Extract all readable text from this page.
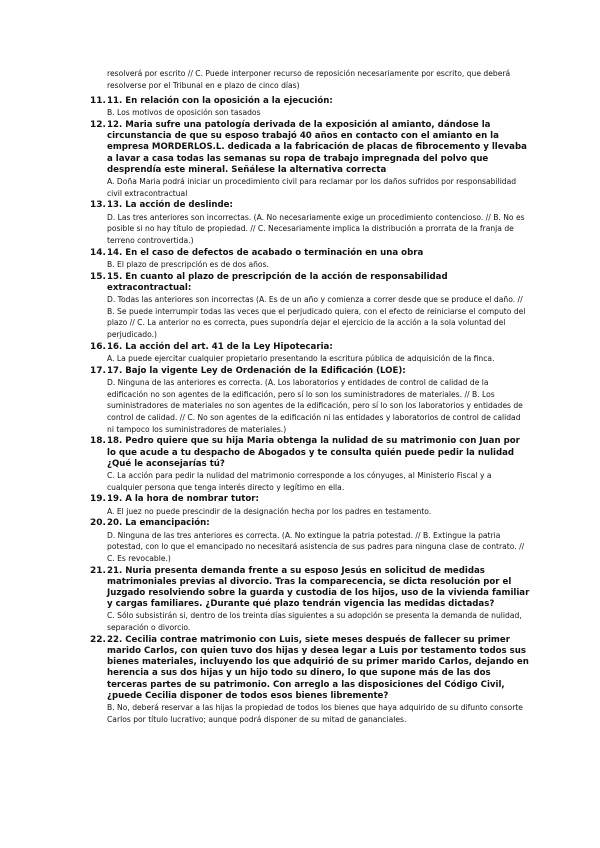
resolverá por escrito // C. Puede interponer recurso de reposición necesariamente por escrito, que deberá resolverse por el Tribunal en e plazo de cinco días)
11. 11. En relación con la oposición a la ejecución:
B. Los motivos de oposición son tasados
12. 12. Maria sufre una patología derivada de la exposición al amianto, dándose la circunstancia de que su esposo trabajó 40 años en contacto con el amianto en la empresa MORDERLOS.L. dedicada a la fabricación de placas de fibrocemento y llevaba a lavar a casa todas las semanas su ropa de trabajo impregnada del polvo que desprendía este mineral. Señálese la alternativa correcta
A. Doña Maria podrá iniciar un procedimiento civil para reclamar por los daños sufridos por responsabilidad civil extracontractual
13. 13. La acción de deslinde:
D. Las tres anteriores son incorrectas. (A. No necesariamente exige un procedimiento contencioso. // B. No es posible si no hay título de propiedad. // C. Necesariamente implica la distribución a prorrata de la franja de terreno controvertida.)
14. 14. En el caso de defectos de acabado o terminación en una obra
B. El plazo de prescripción es de dos años.
15. 15. En cuanto al plazo de prescripción de la acción de responsabilidad extracontractual:
D. Todas las anteriores son incorrectas (A. Es de un año y comienza a correr desde que se produce el daño. // B. Se puede interrumpir todas las veces que el perjudicado quiera, con el efecto de reiniciarse el computo del plazo // C. La anterior no es correcta, pues supondría dejar el ejercicio de la acción a la sola voluntad del perjudicado.)
16. 16. La acción del art. 41 de la Ley Hipotecaria:
A. La puede ejercitar cualquier propietario presentando la escritura pública de adquisición de la finca.
17. 17. Bajo la vigente Ley de Ordenación de la Edificación (LOE):
D. Ninguna de las anteriores es correcta. (A. Los laboratorios y entidades de control de calidad de la edificación no son agentes de la edificación, pero sí lo son los suministradores de materiales. // B. Los suministradores de materiales no son agentes de la edificación, pero sí lo son los laboratorios y entidades de control de calidad. // C. No son agentes de la edificación ni las entidades y laboratorios de control de calidad ni tampoco los suministradores de materiales.)
18. 18. Pedro quiere que su hija Maria obtenga la nulidad de su matrimonio con Juan por lo que acude a tu despacho de Abogados y te consulta quién puede pedir la nulidad ¿Qué le aconsejarías tú?
C. La acción para pedir la nulidad del matrimonio corresponde a los cónyuges, al Ministerio Fiscal y a cualquier persona que tenga interés directo y legítimo en ella.
19. 19. A la hora de nombrar tutor:
A. El juez no puede prescindir de la designación hecha por los padres en testamento.
20. 20. La emancipación:
D. Ninguna de las tres anteriores es correcta. (A. No extingue la patria potestad. // B. Extingue la patria potestad, con lo que el emancipado no necesitará asistencia de sus padres para ninguna clase de contrato. // C. Es revocable.)
21. 21. Nuria presenta demanda frente a su esposo Jesús en solicitud de medidas matrimoniales previas al divorcio. Tras la comparecencia, se dicta resolución por el Juzgado resolviendo sobre la guarda y custodia de los hijos, uso de la vivienda familiar y cargas familiares. ¿Durante qué plazo tendrán vigencia las medidas dictadas?
C. Sólo subsistirán si, dentro de los treinta días siguientes a su adopción se presenta la demanda de nulidad, separación o divorcio.
22. 22. Cecilia contrae matrimonio con Luis, siete meses después de fallecer su primer marido Carlos, con quien tuvo dos hijas y desea legar a Luis por testamento todos sus bienes materiales, incluyendo los que adquirió de su primer marido Carlos, dejando en herencia a sus dos hijas y un hijo todo su dinero, lo que supone más de las dos terceras partes de su patrimonio. Con arreglo a las disposiciones del Código Civil, ¿puede Cecilia disponer de todos esos bienes libremente?
B. No, deberá reservar a las hijas la propiedad de todos los bienes que haya adquirido de su difunto consorte Carlos por título lucrativo; aunque podrá disponer de su mitad de gananciales.
